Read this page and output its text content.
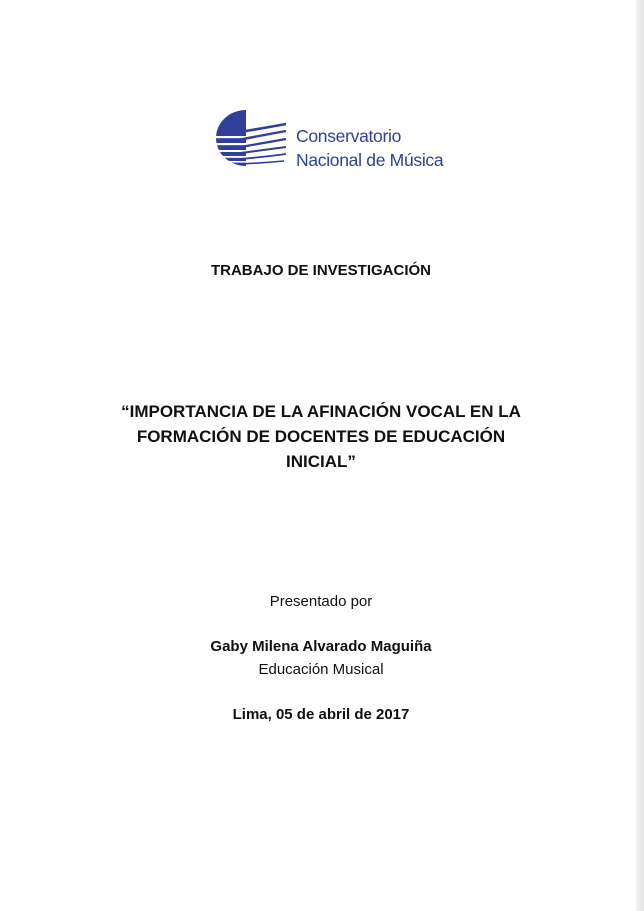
Conservatorio
Nacional de Música
TRABAJO DE INVESTIGACIÓN
“IMPORTANCIA DE LA AFINACIÓN VOCAL EN LA
FORMACIÓN DE DOCENTES DE EDUCACIÓN
INICIAL”
Presentado por
Gaby Milena Alvarado Maguiña
Educación Musical
Lima, 05 de abril de 2017
